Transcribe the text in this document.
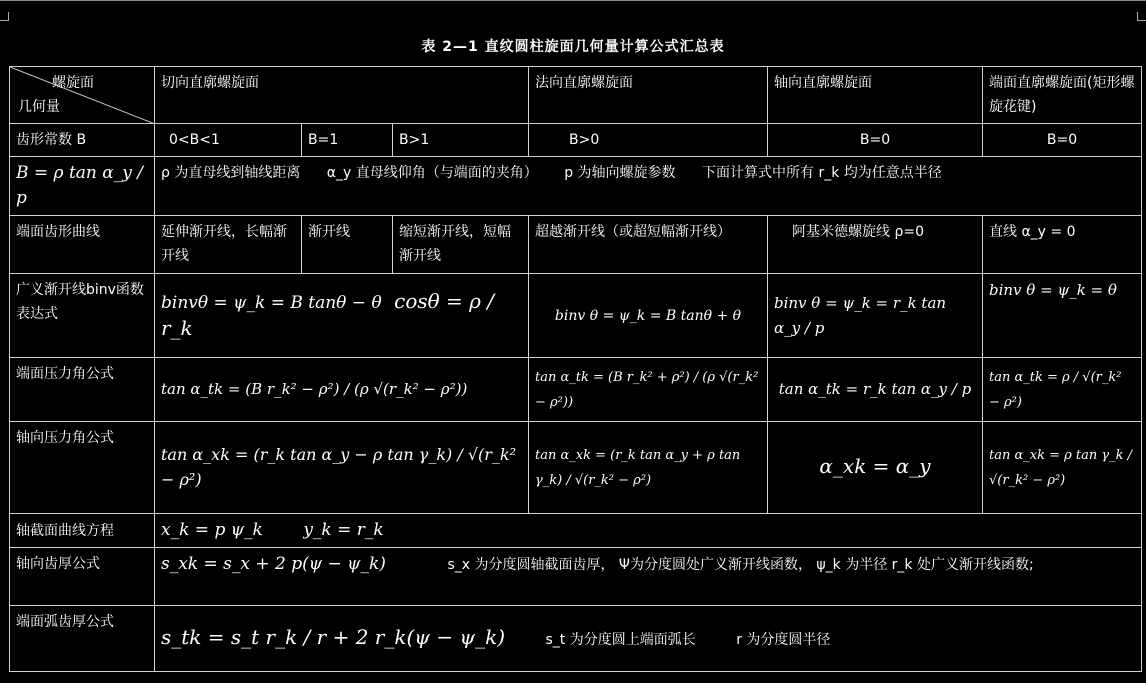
表 2—1 直纹圆柱旋面几何量计算公式汇总表
螺旋面
几何量	切向直廓螺旋面			法向直廓螺旋面	轴向直廓螺旋面	端面直廓螺旋面(矩形螺旋花键)
齿形常数 B	0<B<1	B=1	B>1	B>0	B=0	B=0
B = ρ tan α_y / p	ρ 为直母线到轴线距离 α_y 直母线仰角（与端面的夹角） p 为轴向螺旋参数 下面计算式中所有 r_k 均为任意点半径					
端面齿形曲线	延伸渐开线，长幅渐开线	渐开线	缩短渐开线，短幅渐开线	超越渐开线（或超短幅渐开线）	阿基米德螺旋线 ρ=0	直线 α_y = 0
广义渐开线binv函数表达式	binvθ = ψ_k = B tanθ − θ cosθ = ρ / r_k			binv θ = ψ_k = B tanθ + θ	binv θ = ψ_k = r_k tan α_y / p	binv θ = ψ_k = θ
端面压力角公式	tan α_tk = (B r_k² − ρ²) / (ρ √(r_k² − ρ²))			tan α_tk = (B r_k² + ρ²) / (ρ √(r_k² − ρ²))	tan α_tk = r_k tan α_y / p	tan α_tk = ρ / √(r_k² − ρ²)
轴向压力角公式	tan α_xk = (r_k tan α_y − ρ tan γ_k) / √(r_k² − ρ²)			tan α_xk = (r_k tan α_y + ρ tan γ_k) / √(r_k² − ρ²)	α_xk = α_y	tan α_xk = ρ tan γ_k / √(r_k² − ρ²)
轴截面曲线方程	x_k = p ψ_k y_k = r_k					
轴向齿厚公式	s_xk = s_x + 2 p(ψ − ψ_k) s_x 为分度圆轴截面齿厚， Ψ为分度圆处广义渐开线函数， ψ_k 为半径 r_k 处广义渐开线函数;					
端面弧齿厚公式	s_tk = s_t r_k / r + 2 r_k(ψ − ψ_k) s_t 为分度圆上端面弧长 r 为分度圆半径					
